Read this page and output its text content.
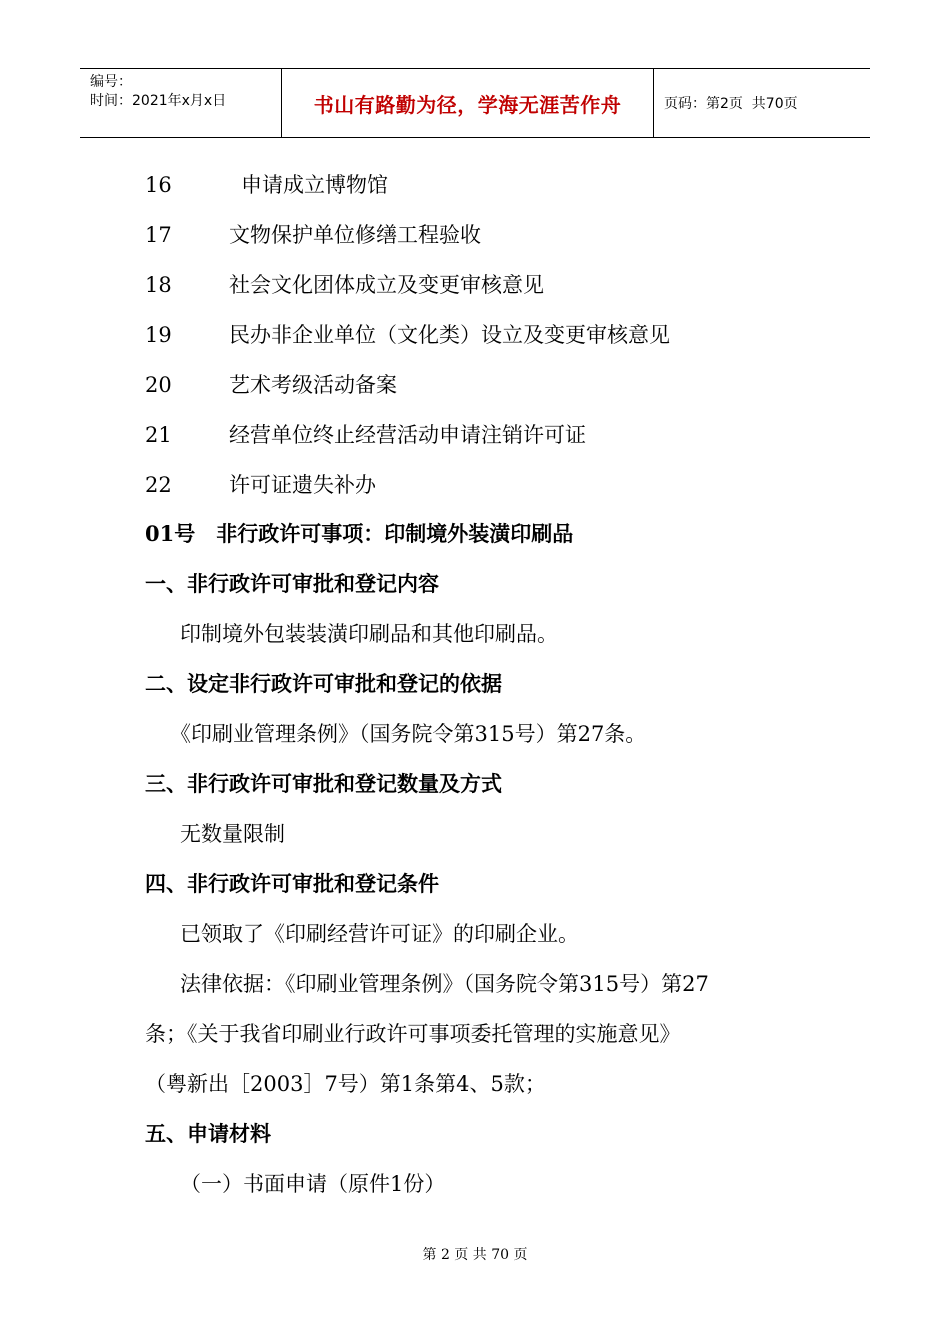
编号：
时间：2021年x月x日	书山有路勤为径，学海无涯苦作舟	页码：第2页  共70页
16	申请成立博物馆
17	文物保护单位修缮工程验收
18	社会文化团体成立及变更审核意见
19	民办非企业单位（文化类）设立及变更审核意见
20	艺术考级活动备案
21	经营单位终止经营活动申请注销许可证
22	许可证遗失补办
01号　非行政许可事项：印制境外装潢印刷品
一、非行政许可审批和登记内容
印制境外包装装潢印刷品和其他印刷品。
二、设定非行政许可审批和登记的依据
《印刷业管理条例》（国务院令第315号）第27条。
三、非行政许可审批和登记数量及方式
无数量限制
四、非行政许可审批和登记条件
已领取了《印刷经营许可证》的印刷企业。
法律依据：《印刷业管理条例》（国务院令第315号）第27
条；《关于我省印刷业行政许可事项委托管理的实施意见》
（粤新出［2003］7号）第1条第4、5款；
五、申请材料
（一）书面申请（原件1份）
第 2 页 共 70 页
